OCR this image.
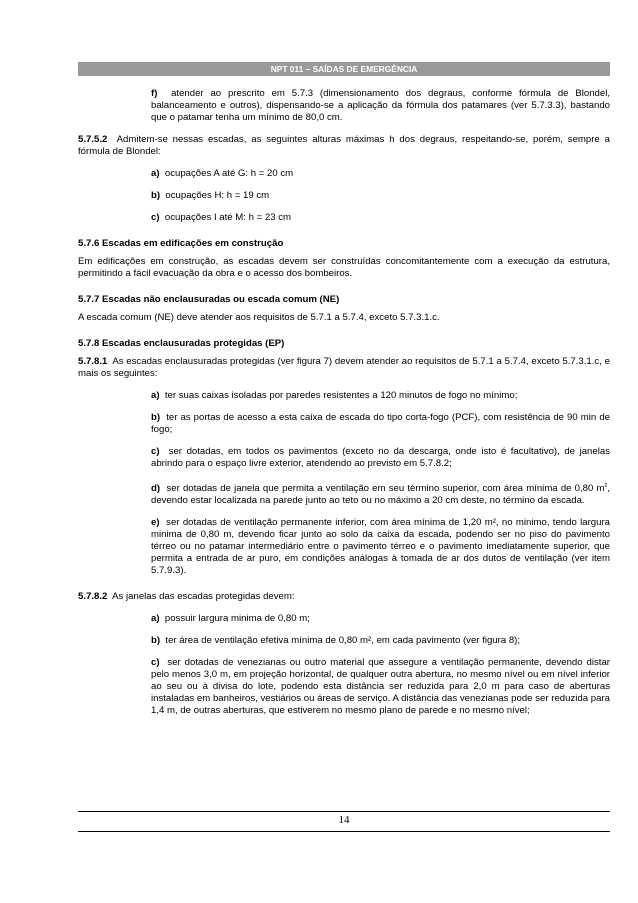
NPT 011 – SAÍDAS DE EMERGÊNCIA

f) atender ao prescrito em 5.7.3 (dimensionamento dos degraus, conforme fórmula de Blondel, balanceamento e outros), dispensando-se a aplicação da fórmula dos patamares (ver 5.7.3.3), bastando que o patamar tenha um mínimo de 80,0 cm.

5.7.5.2 Admitem-se nessas escadas, as seguintes alturas máximas h dos degraus, respeitando-se, porém, sempre a fórmula de Blondel:

a) ocupações A até G: h = 20 cm

b) ocupações H: h = 19 cm

c) ocupações I até M: h = 23 cm

5.7.6 Escadas em edificações em construção

Em edificações em construção, as escadas devem ser construídas concomitantemente com a execução da estrutura, permitindo a fácil evacuação da obra e o acesso dos bombeiros.

5.7.7 Escadas não enclausuradas ou escada comum (NE)

A escada comum (NE) deve atender aos requisitos de 5.7.1 a 5.7.4, exceto 5.7.3.1.c.

5.7.8 Escadas enclausuradas protegidas (EP)

5.7.8.1 As escadas enclausuradas protegidas (ver figura 7) devem atender ao requisitos de 5.7.1 a 5.7.4, exceto 5.7.3.1.c, e mais os seguintes:

a) ter suas caixas isoladas por paredes resistentes a 120 minutos de fogo no mínimo;

b) ter as portas de acesso a esta caixa de escada do tipo corta-fogo (PCF), com resistência de 90 min de fogo;

c) ser dotadas, em todos os pavimentos (exceto no da descarga, onde isto é facultativo), de janelas abrindo para o espaço livre exterior, atendendo ao previsto em 5.7.8.2;

d) ser dotadas de janela que permita a ventilação em seu término superior, com área mínima de 0,80 $m^2$, devendo estar localizada na parede junto ao teto ou no máximo a 20 cm deste, no término da escada.

e) ser dotadas de ventilação permanente inferior, com área mínima de 1,20 m², no minimo, tendo largura minima de 0,80 m, devendo ficar junto ao solo da caixa da escada, podendo ser no piso do pavimento térreo ou no patamar intermediário entre o pavimento térreo e o pavimento imediatamente superior, que permita a entrada de ar puro, em condições análogas à tomada de ar dos dutos de ventilação (ver item 5.7.9.3).

5.7.8.2 As janelas das escadas protegidas devem:

a) possuir largura minima de 0,80 m;

b) ter área de ventilação efetiva mínima de 0,80 m², em cada pavimento (ver figura 8);

c) ser dotadas de venezianas ou outro material que assegure a ventilação permanente, devendo distar pelo menos 3,0 m, em projeção horizontal, de qualquer outra abertura, no mesmo nível ou em nível inferior ao seu ou à divisa do lote, podendo esta distância ser reduzida para 2,0 m para caso de aberturas instaladas em banheiros, vestiários ou áreas de serviço. A distância das venezianas pode ser reduzida para 1,4 m, de outras aberturas, que estiverem no mesmo plano de parede e no mesmo nível;

14
